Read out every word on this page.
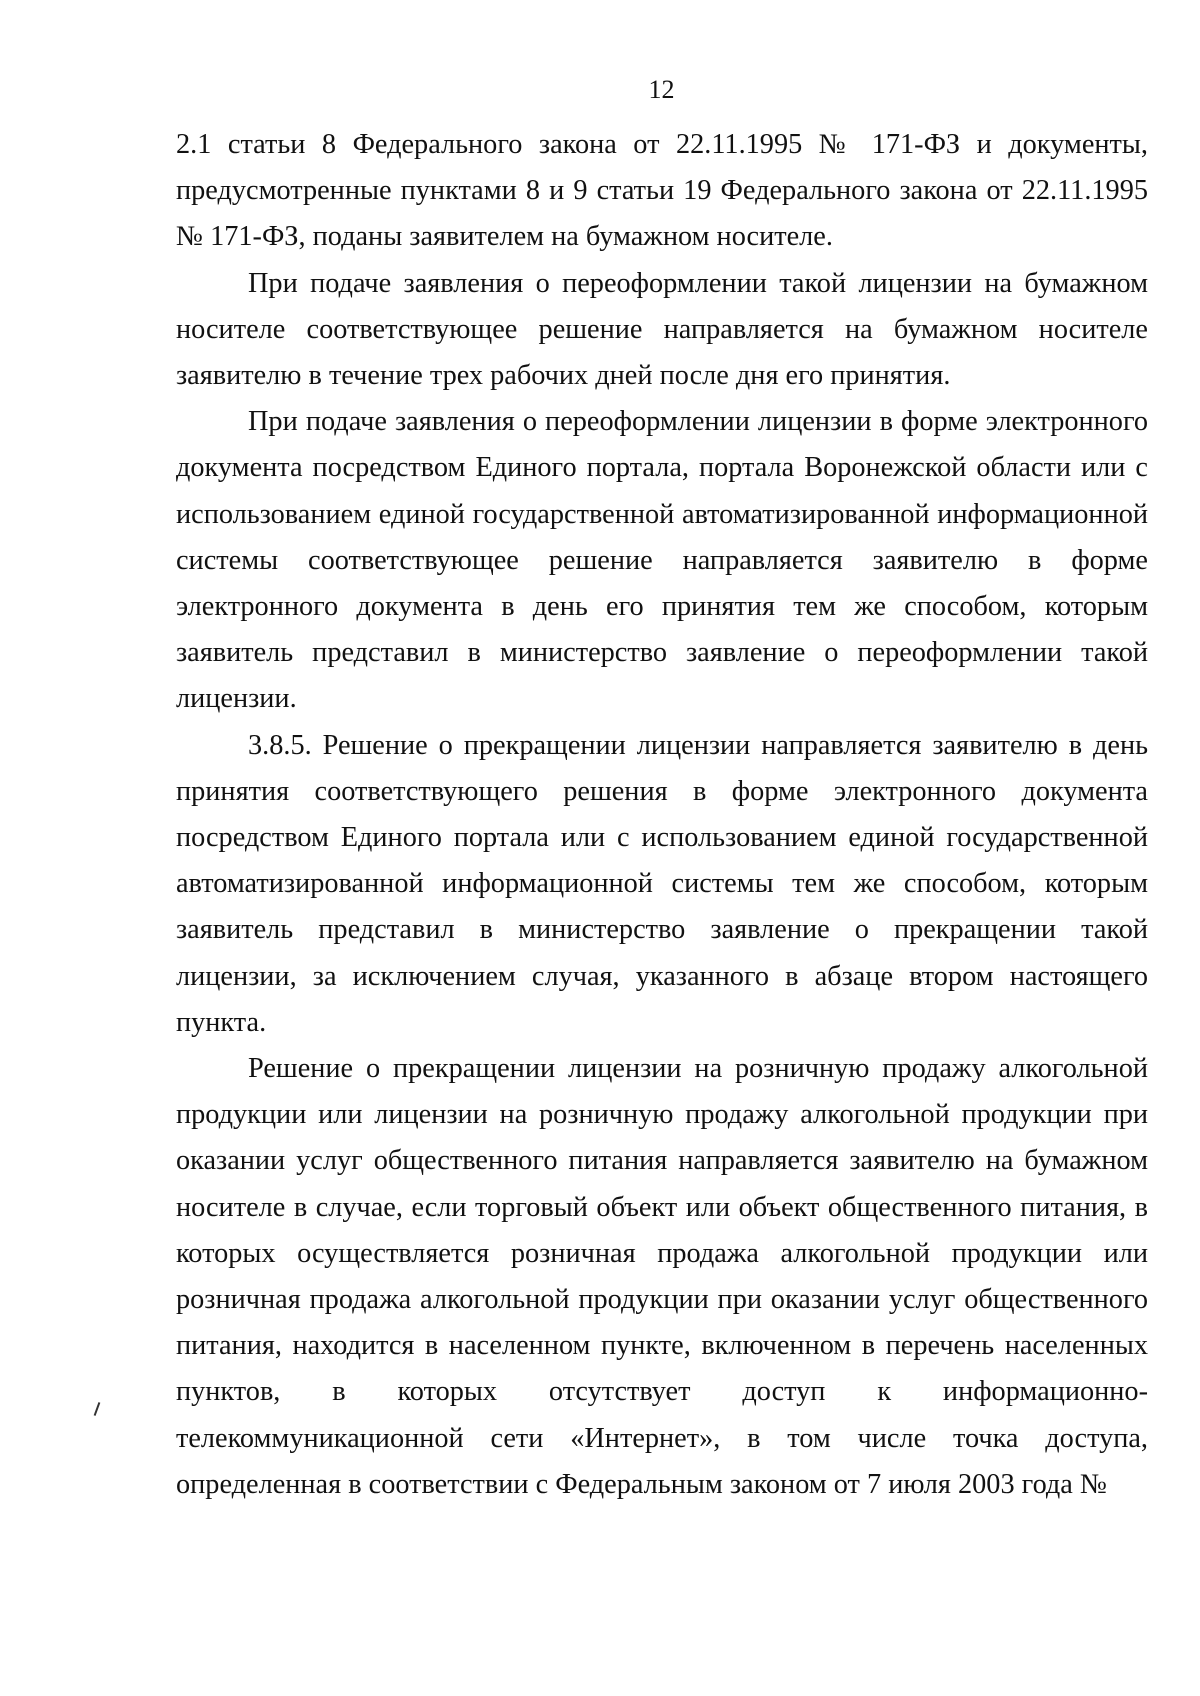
12

2.1 статьи 8 Федерального закона от 22.11.1995 № 171-ФЗ и документы, предусмотренные пунктами 8 и 9 статьи 19 Федерального закона от 22.11.1995 № 171-ФЗ, поданы заявителем на бумажном носителе.

При подаче заявления о переоформлении такой лицензии на бумажном носителе соответствующее решение направляется на бумажном носителе заявителю в течение трех рабочих дней после дня его принятия.

При подаче заявления о переоформлении лицензии в форме электронного документа посредством Единого портала, портала Воронежской области или с использованием единой государственной автоматизированной информационной системы соответствующее решение направляется заявителю в форме электронного документа в день его принятия тем же способом, которым заявитель представил в министерство заявление о переоформлении такой лицензии.

3.8.5. Решение о прекращении лицензии направляется заявителю в день принятия соответствующего решения в форме электронного документа посредством Единого портала или с использованием единой государственной автоматизированной информационной системы тем же способом, которым заявитель представил в министерство заявление о прекращении такой лицензии, за исключением случая, указанного в абзаце втором настоящего пункта.

Решение о прекращении лицензии на розничную продажу алкогольной продукции или лицензии на розничную продажу алкогольной продукции при оказании услуг общественного питания направляется заявителю на бумажном носителе в случае, если торговый объект или объект общественного питания, в которых осуществляется розничная продажа алкогольной продукции или розничная продажа алкогольной продукции при оказании услуг общественного питания, находится в населенном пункте, включенном в перечень населенных пунктов, в которых отсутствует доступ к информационно-телекоммуникационной сети «Интернет», в том числе точка доступа, определенная в соответствии с Федеральным законом от 7 июля 2003 года №
